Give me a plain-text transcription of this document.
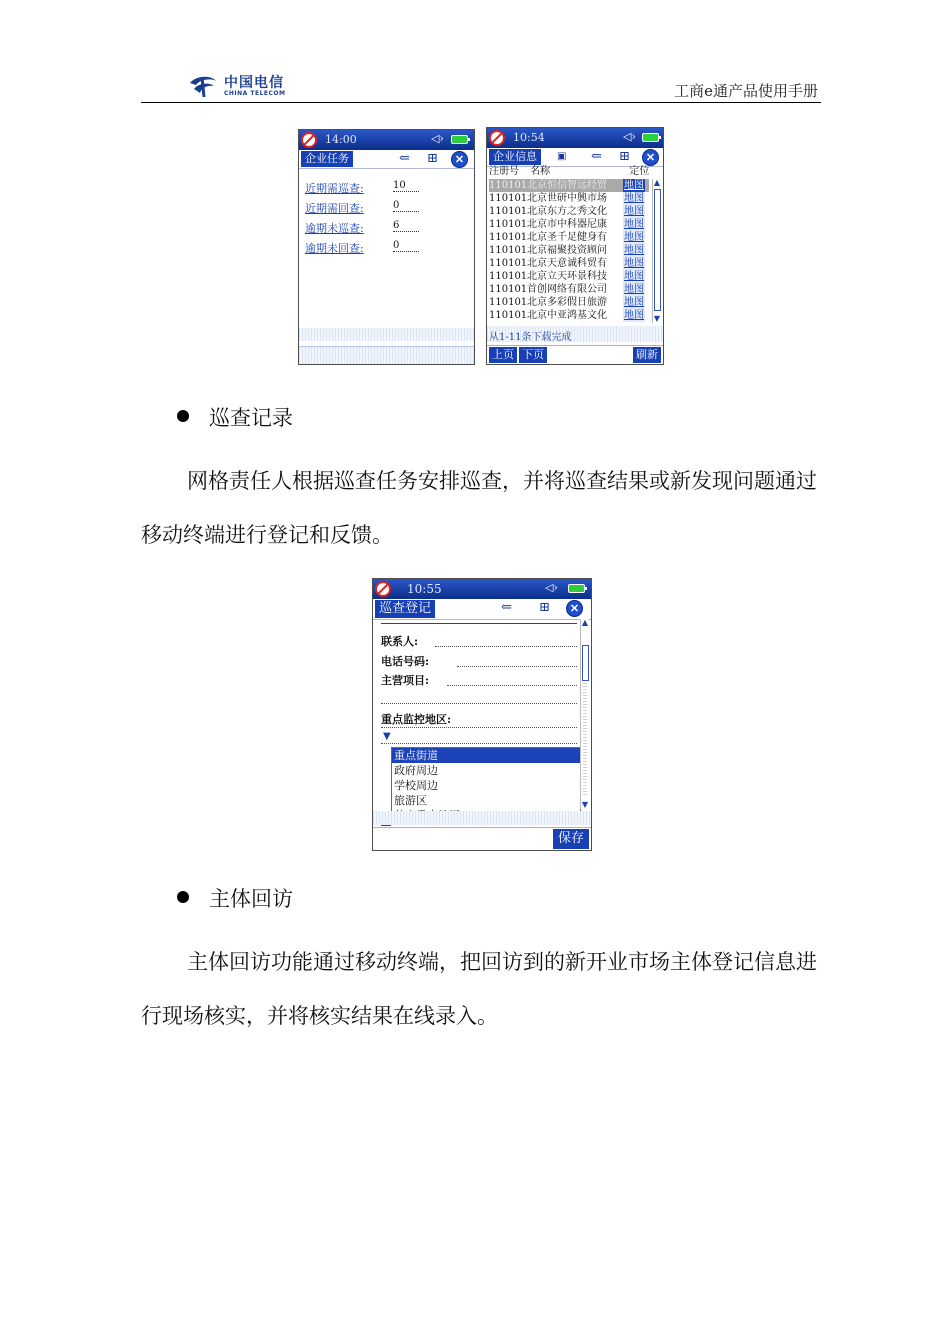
中国电信
CHINA TELECOM	工商e通产品使用手册
14:00	◁›
企业任务	⇐ ⊞	✕
近期需巡查:	10
近期需回查:	0
逾期未巡查:	6
逾期未回查:	0
10:54	◁›
企业信息	▣ ⇐ ⊞	✕
注册号 名称	定位
110101北京恒信智远经贸 地图
110101北京世研中興市场 地图
110101北京东方之秀文化 地图
110101北京市中科器尼康 地图
110101北京圣千足健身有 地图
110101北京福聚投资顾问 地图
110101北京天意诚科贸有 地图
110101北京立天环景科技 地图
110101首创网络有限公司 地图
110101北京多彩假日旅游 地图
110101北京中亚鸿基文化 地图
▲
▼
从1-11条下载完成
上页 下页	刷新
巡查记录
网格责任人根据巡查任务安排巡查，并将巡查结果或新发现问题通过移动终端进行登记和反馈。
10:55	◁›
巡查登记	⇐ ⊞	✕
联系人:
电话号码:
主营项目:
重点监控地区:
▼
重点街道
政府周边
学校周边
旅游区
▲
▼
保存
主体回访
主体回访功能通过移动终端，把回访到的新开业市场主体登记信息进行现场核实，并将核实结果在线录入。
